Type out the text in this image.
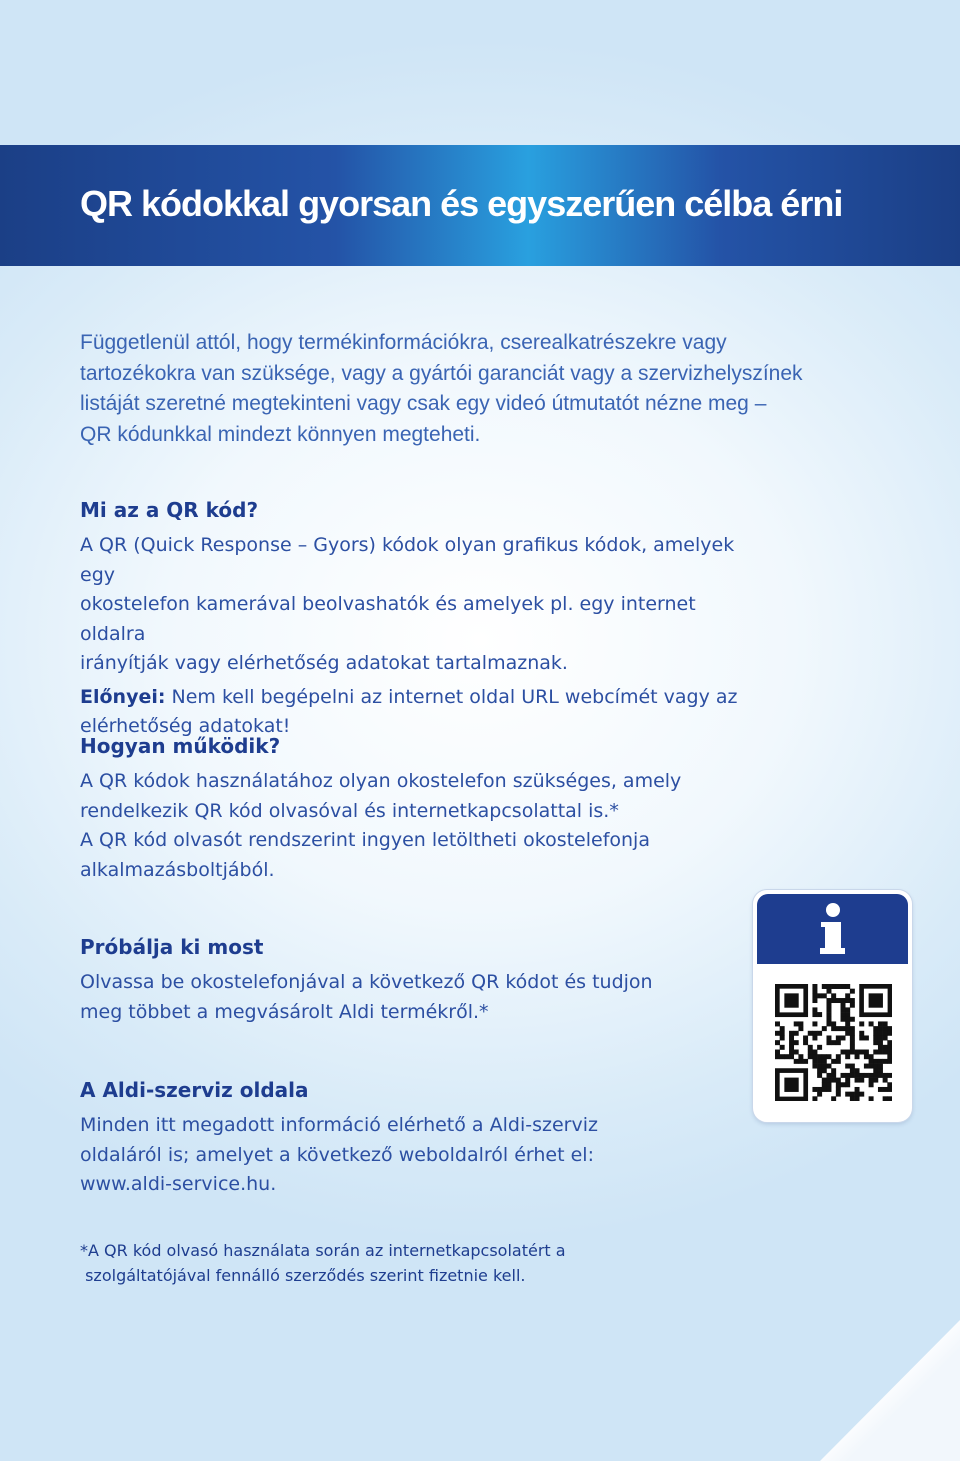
QR kódokkal gyorsan és egyszerűen célba érni

Függetlenül attól, hogy termékinformációkra, cserealkatrészekre vagy
tartozékokra van szüksége, vagy a gyártói garanciát vagy a szervizhelyszínek
listáját szeretné megtekinteni vagy csak egy videó útmutatót nézne meg –
QR kódunkkal mindezt könnyen megteheti.

Mi az a QR kód?

A QR (Quick Response – Gyors) kódok olyan grafikus kódok, amelyek egy
okostelefon kamerával beolvashatók és amelyek pl. egy internet oldalra
irányítják vagy elérhetőség adatokat tartalmaznak.

Előnyei: Nem kell begépelni az internet oldal URL webcímét vagy az
elérhetőség adatokat!

Hogyan működik?

A QR kódok használatához olyan okostelefon szükséges, amely
rendelkezik QR kód olvasóval és internetkapcsolattal is.*
A QR kód olvasót rendszerint ingyen letöltheti okostelefonja
alkalmazásboltjából.

Próbálja ki most

Olvassa be okostelefonjával a következő QR kódot és tudjon
meg többet a megvásárolt Aldi termékről.*

A Aldi-szerviz oldala

Minden itt megadott információ elérhető a Aldi-szerviz
oldaláról is; amelyet a következő weboldalról érhet el:
www.aldi-service.hu.

*A QR kód olvasó használata során az internetkapcsolatért a
szolgáltatójával fennálló szerződés szerint fizetnie kell.
